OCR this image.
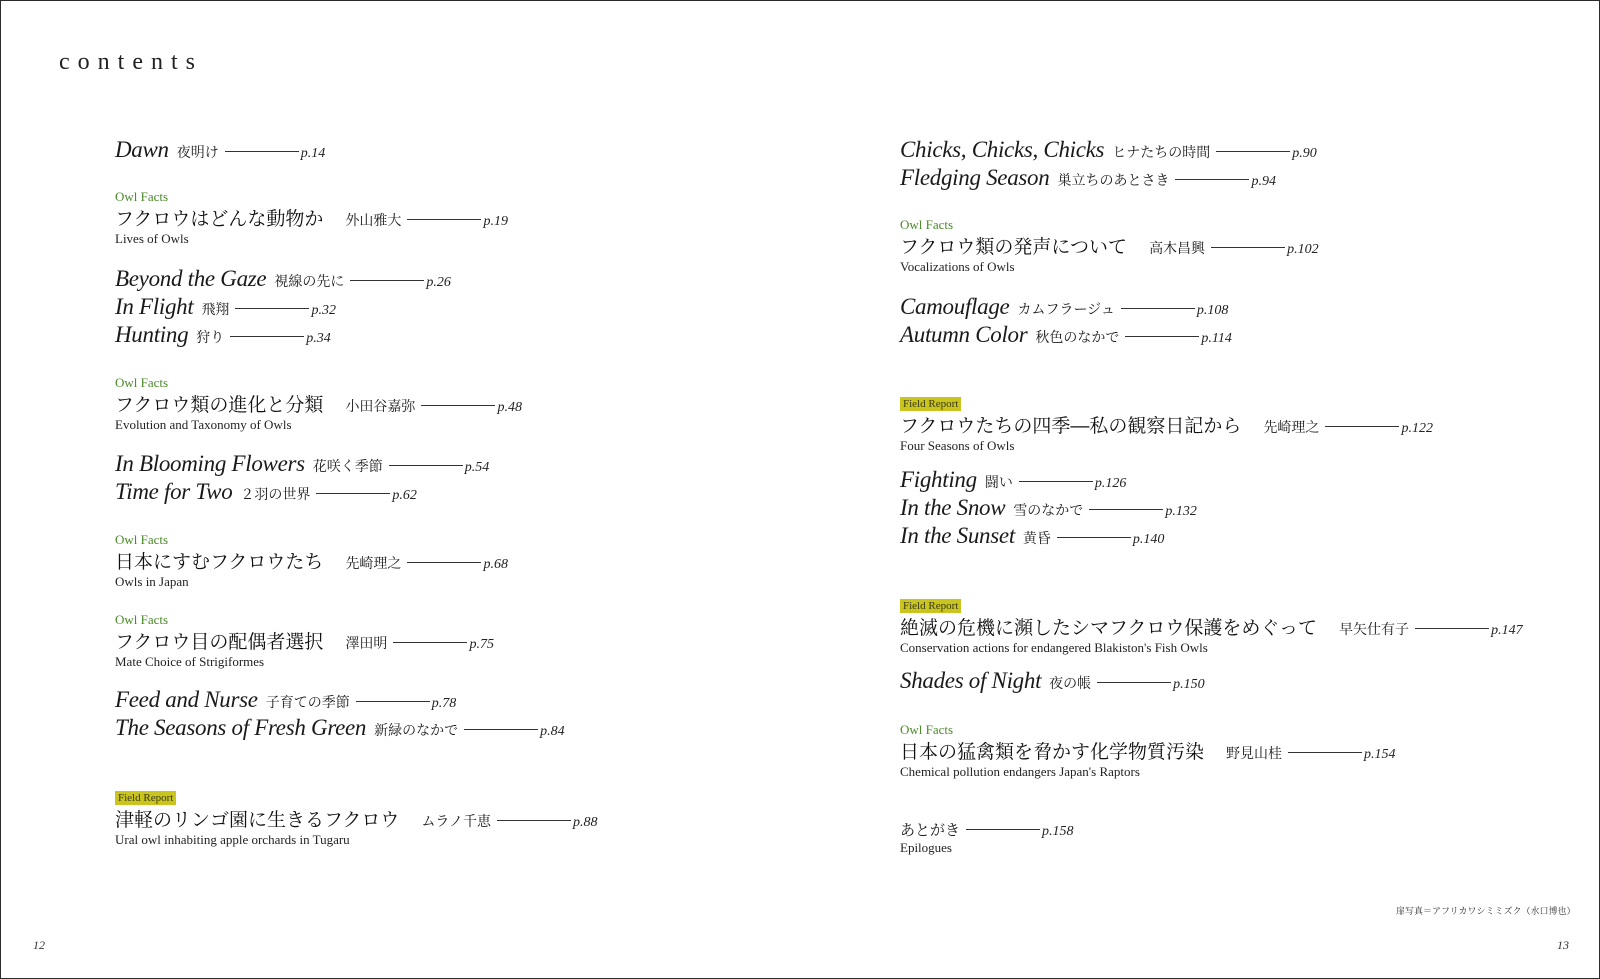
contents
Dawn 夜明け	p.14
Owl Facts
フクロウはどんな動物か 外山雅大	p.19
Lives of Owls
Beyond the Gaze 視線の先に	p.26
In Flight 飛翔	p.32
Hunting 狩り	p.34
Owl Facts
フクロウ類の進化と分類 小田谷嘉弥	p.48
Evolution and Taxonomy of Owls
In Blooming Flowers 花咲く季節	p.54
Time for Two ２羽の世界	p.62
Owl Facts
日本にすむフクロウたち 先崎理之	p.68
Owls in Japan
Owl Facts
フクロウ目の配偶者選択 澤田明	p.75
Mate Choice of Strigiformes
Feed and Nurse 子育ての季節	p.78
The Seasons of Fresh Green 新緑のなかで	p.84
Field Report
津軽のリンゴ園に生きるフクロウ ムラノ千恵	p.88
Ural owl inhabiting apple orchards in Tugaru
Chicks, Chicks, Chicks ヒナたちの時間	p.90
Fledging Season 巣立ちのあとさき	p.94
Owl Facts
フクロウ類の発声について 高木昌興	p.102
Vocalizations of Owls
Camouflage カムフラージュ	p.108
Autumn Color 秋色のなかで	p.114
Field Report
フクロウたちの四季―私の観察日記から 先崎理之	p.122
Four Seasons of Owls
Fighting 闘い	p.126
In the Snow 雪のなかで	p.132
In the Sunset 黄昏	p.140
Field Report
絶滅の危機に瀕したシマフクロウ保護をめぐって 早矢仕有子	p.147
Conservation actions for endangered Blakiston's Fish Owls
Shades of Night 夜の帳	p.150
Owl Facts
日本の猛禽類を脅かす化学物質汚染 野見山桂	p.154
Chemical pollution endangers Japan's Raptors
あとがき	p.158
Epilogues
扉写真＝アフリカワシミミズク（水口博也）
12	13
